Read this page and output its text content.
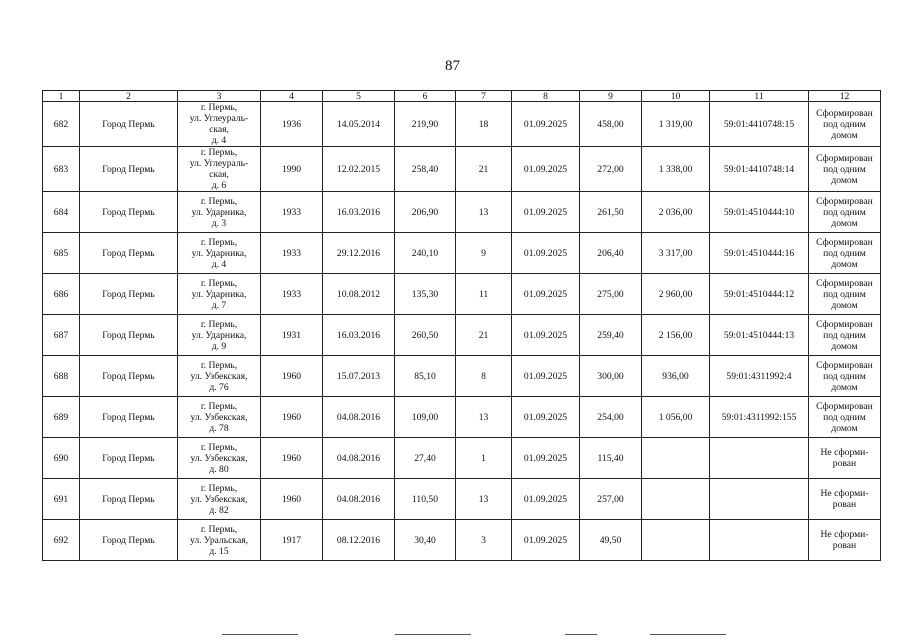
87
1	2	3	4	5	6	7	8	9	10	11	12
682	Город Пермь	г. Пермь,
ул. Углеураль-
ская,
д. 4	1936	14.05.2014	219,90	18	01.09.2025	458,00	1 319,00	59:01:4410748:15	Сформирован
под одним
домом

683	Город Пермь	г. Пермь,
ул. Углеураль-
ская,
д. 6	1990	12.02.2015	258,40	21	01.09.2025	272,00	1 338,00	59:01:4410748:14	Сформирован
под одним
домом

684	Город Пермь	г. Пермь,
ул. Ударника,
д. 3	1933	16.03.2016	206,90	13	01.09.2025	261,50	2 036,00	59:01:4510444:10	Сформирован
под одним
домом

685	Город Пермь	г. Пермь,
ул. Ударника,
д. 4	1933	29.12.2016	240,10	9	01.09.2025	206,40	3 317,00	59:01:4510444:16	Сформирован
под одним
домом

686	Город Пермь	г. Пермь,
ул. Ударника,
д. 7	1933	10.08.2012	135,30	11	01.09.2025	275,00	2 960,00	59:01:4510444:12	Сформирован
под одним
домом

687	Город Пермь	г. Пермь,
ул. Ударника,
д. 9	1931	16.03.2016	260,50	21	01.09.2025	259,40	2 156,00	59:01:4510444:13	Сформирован
под одним
домом

688	Город Пермь	г. Пермь,
ул. Узбекская,
д. 76	1960	15.07.2013	85,10	8	01.09.2025	300,00	936,00	59:01:4311992:4	Сформирован
под одним
домом

689	Город Пермь	г. Пермь,
ул. Узбекская,
д. 78	1960	04.08.2016	109,00	13	01.09.2025	254,00	1 056,00	59:01:4311992:155	Сформирован
под одним
домом

690	Город Пермь	г. Пермь,
ул. Узбекская,
д. 80	1960	04.08.2016	27,40	1	01.09.2025	115,40			Не сформи-
рован

691	Город Пермь	г. Пермь,
ул. Узбекская,
д. 82	1960	04.08.2016	110,50	13	01.09.2025	257,00			Не сформи-
рован

692	Город Пермь	г. Пермь,
ул. Уральская,
д. 15	1917	08.12.2016	30,40	3	01.09.2025	49,50			Не сформи-
рован
